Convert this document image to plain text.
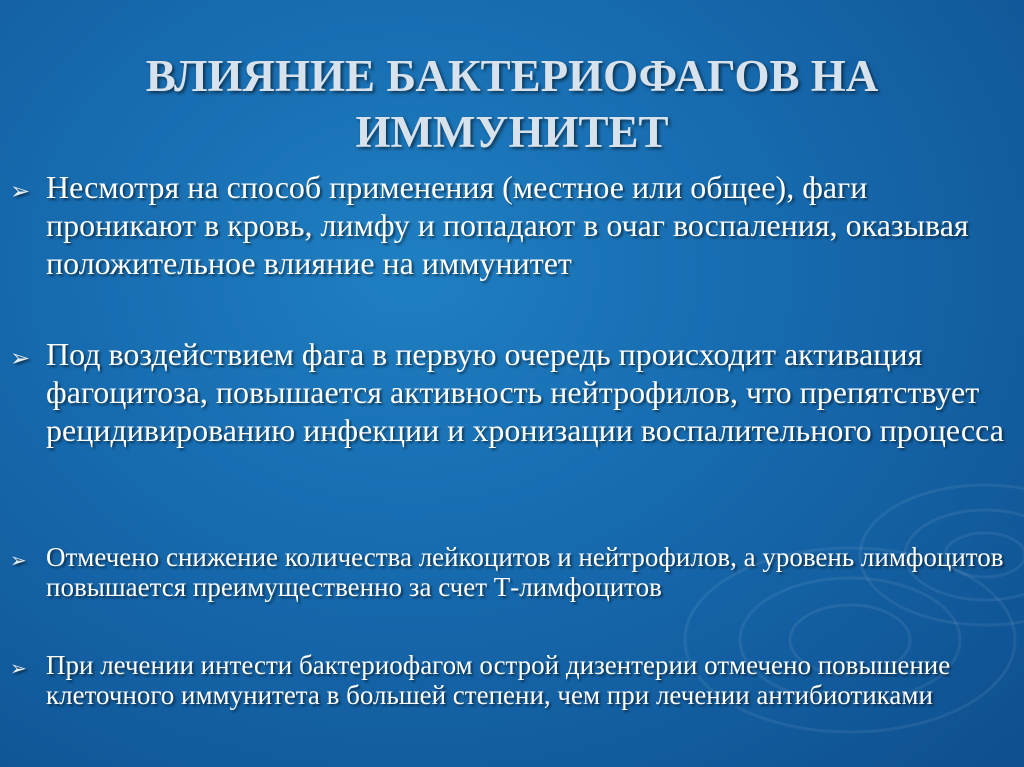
ВЛИЯНИЕ БАКТЕРИОФАГОВ НА
ИММУНИТЕТ
➢ Несмотря на способ применения (местное или общее), фаги проникают в кровь, лимфу и попадают в очаг воспаления, оказывая положительное влияние на иммунитет
➢ Под воздействием фага в первую очередь происходит активация фагоцитоза, повышается активность нейтрофилов, что препятствует рецидивированию инфекции и хронизации воспалительного процесса
➢ Отмечено снижение количества лейкоцитов и нейтрофилов, а уровень лимфоцитов повышается преимущественно за счет Т-лимфоцитов
➢ При лечении интести бактериофагом острой дизентерии отмечено повышение клеточного иммунитета в большей степени, чем при лечении антибиотиками
